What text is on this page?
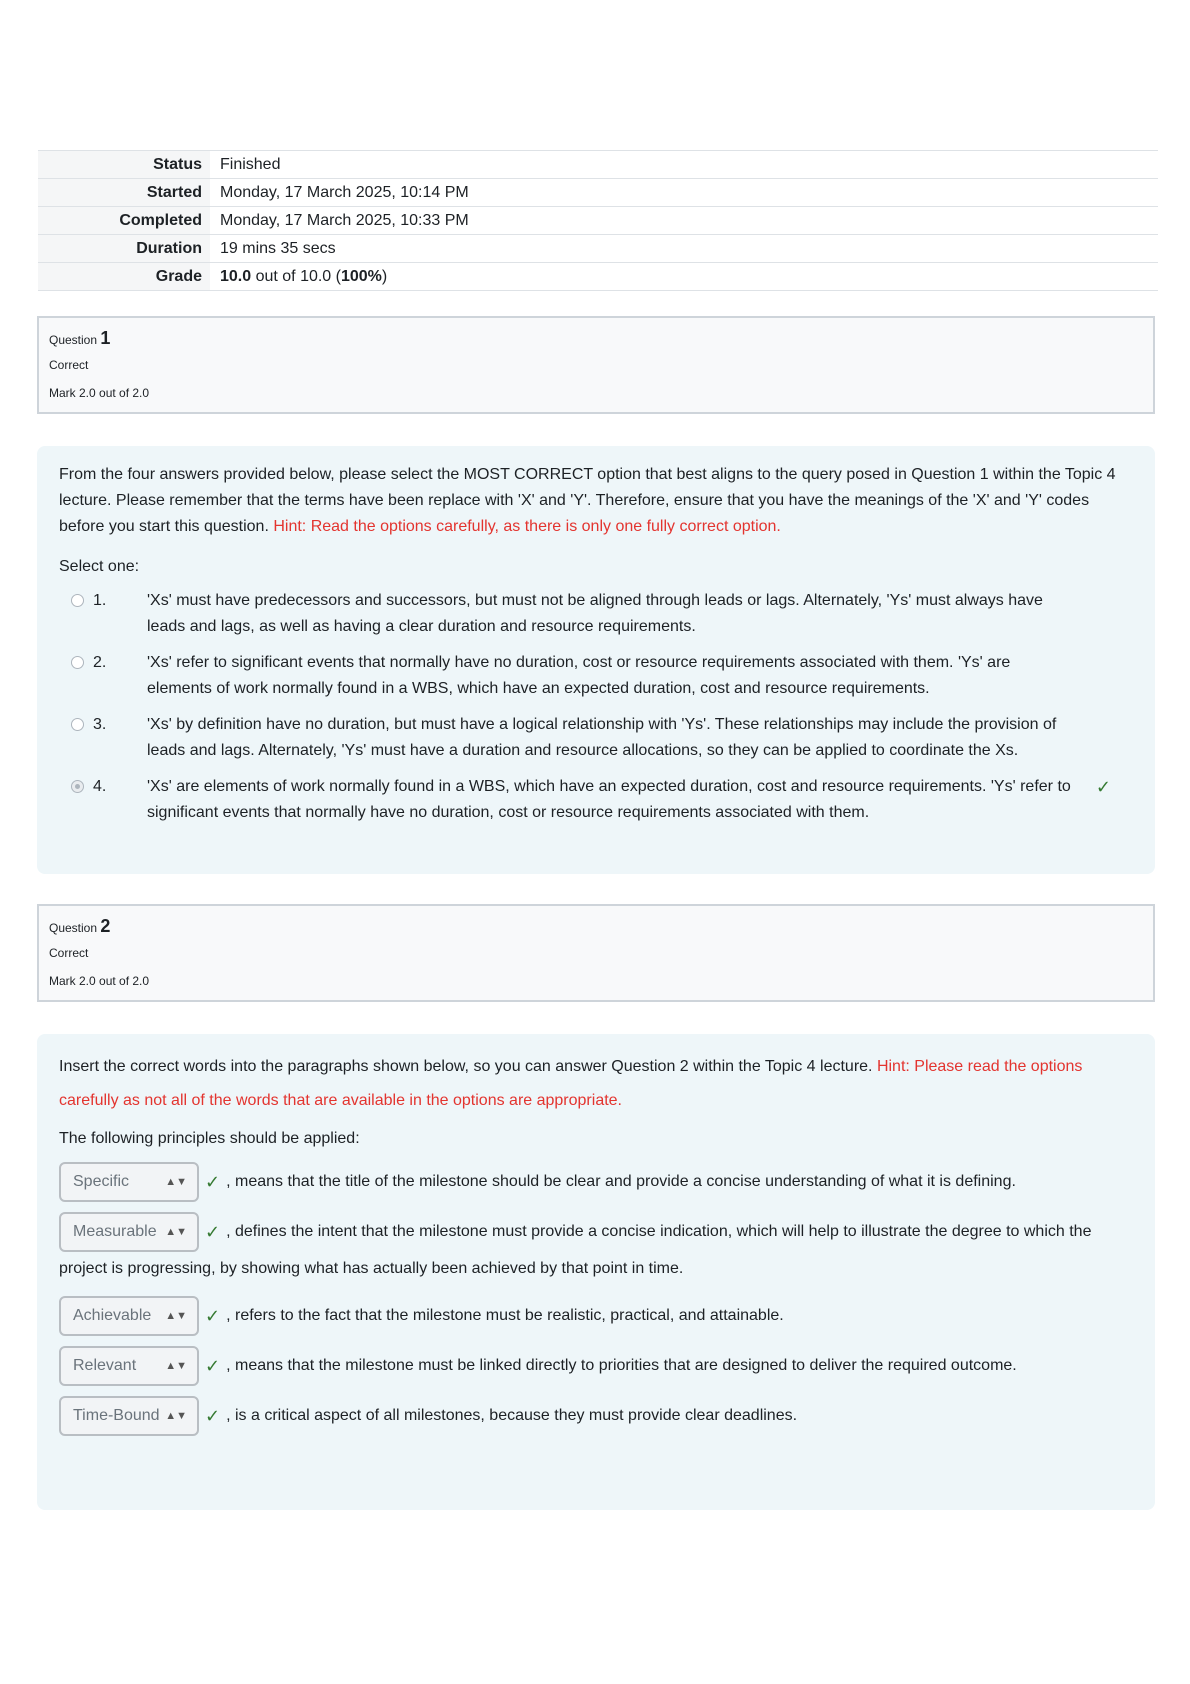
Status	Finished
Started	Monday, 17 March 2025, 10:14 PM
Completed	Monday, 17 March 2025, 10:33 PM
Duration	19 mins 35 secs
Grade	10.0 out of 10.0 (100%)
Question 1
Correct
Mark 2.0 out of 2.0
From the four answers provided below, please select the MOST CORRECT option that best aligns to the query posed in Question 1 within the Topic 4 lecture. Please remember that the terms have been replace with 'X' and 'Y'. Therefore, ensure that you have the meanings of the 'X' and 'Y' codes before you start this question. Hint: Read the options carefully, as there is only one fully correct option.
Select one:
1.	'Xs' must have predecessors and successors, but must not be aligned through leads or lags. Alternately, 'Ys' must always have leads and lags, as well as having a clear duration and resource requirements.
2.	'Xs' refer to significant events that normally have no duration, cost or resource requirements associated with them. 'Ys' are elements of work normally found in a WBS, which have an expected duration, cost and resource requirements.
3.	'Xs' by definition have no duration, but must have a logical relationship with 'Ys'. These relationships may include the provision of leads and lags. Alternately, 'Ys' must have a duration and resource allocations, so they can be applied to coordinate the Xs.
4.	'Xs' are elements of work normally found in a WBS, which have an expected duration, cost and resource requirements. 'Ys' refer to significant events that normally have no duration, cost or resource requirements associated with them.
✓
Question 2
Correct
Mark 2.0 out of 2.0
Insert the correct words into the paragraphs shown below, so you can answer Question 2 within the Topic 4 lecture. Hint: Please read the options carefully as not all of the words that are available in the options are appropriate.
The following principles should be applied:
Specific	▲▼ ✓ , means that the title of the milestone should be clear and provide a concise understanding of what it is defining.
Measurable ▲▼ ✓ , defines the intent that the milestone must provide a concise indication, which will help to illustrate the degree to which the project is progressing, by showing what has actually been achieved by that point in time.
Achievable ▲▼ ✓ , refers to the fact that the milestone must be realistic, practical, and attainable.
Relevant	▲▼ ✓ , means that the milestone must be linked directly to priorities that are designed to deliver the required outcome.
Time-Bound ▲▼ ✓ , is a critical aspect of all milestones, because they must provide clear deadlines.
